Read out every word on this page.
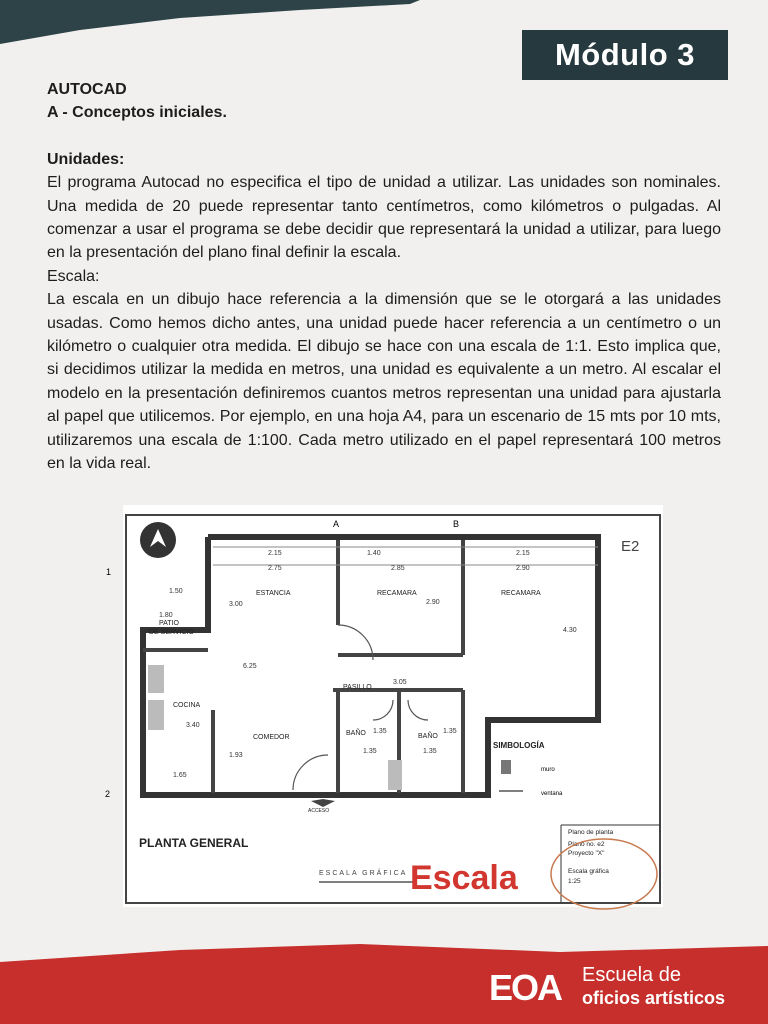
Módulo 3

AUTOCAD

A - Conceptos iniciales.

Unidades:

El programa Autocad no especifica el tipo de unidad a utilizar. Las unidades son nominales. Una medida de 20 puede representar tanto centímetros, como kilómetros o pulgadas. Al comenzar a usar el programa se debe decidir que representará la unidad a utilizar, para luego en la presentación del plano final definir la escala.

Escala:

La escala en un dibujo hace referencia a la dimensión que se le otorgará a las unidades usadas. Como hemos dicho antes, una unidad puede hacer referencia a un centímetro o un kilómetro o cualquier otra medida. El dibujo se hace con una escala de 1:1. Esto implica que, si decidimos utilizar la medida en metros, una unidad es equivalente a un metro. Al escalar el modelo en la presentación definiremos cuantos metros representan una unidad para ajustarla al papel que utilicemos. Por ejemplo, en una hoja A4, para un escenario de 15 mts por 10 mts, utilizaremos una escala de 1:100. Cada metro utilizado en el papel representará 100 metros en la vida real.

A	B
1
2
E2
2.15
2.75
1.40
2.85
2.15
2.90
1.50
1.80
3.00	2.90
4.30
6.25
3.05
3.40
1.93
1.65
1.35	1.35
1.35	1.35
ESTANCIA	RECAMARA	RECAMARA
PATIO
DE SERVICIO
PASILLO
COCINA
COMEDOR
BAÑO	BAÑO
ACCESO
SIMBOLOGÍA
muro
ventana
PLANTA GENERAL
ESCALA GRÁFICA Escala
Plano de planta
Plano no. e2
Proyecto "X"
Escala gráfica
1:25
EOA Escuela de
oficios artísticos
